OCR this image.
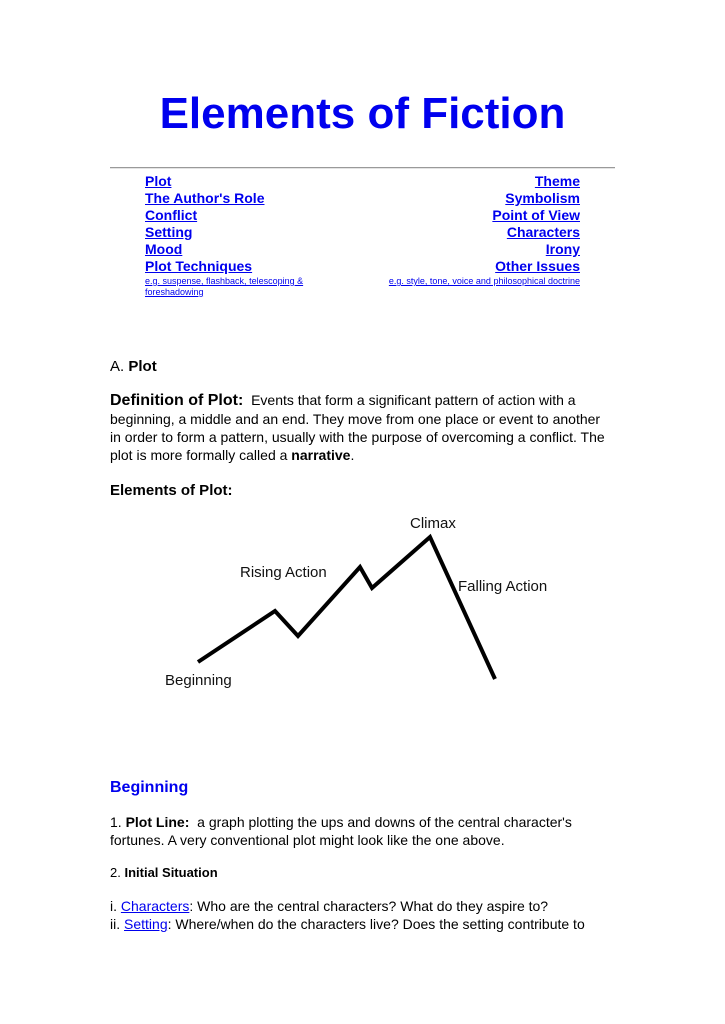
Elements of Fiction
Plot
The Author's Role
Conflict
Setting
Mood
Plot Techniques
e.g. suspense, flashback, telescoping & foreshadowing
Theme
Symbolism
Point of View
Characters
Irony
Other Issues
e.g. style, tone, voice and philosophical doctrine
A. Plot
Definition of Plot: Events that form a significant pattern of action with a beginning, a middle and an end. They move from one place or event to another in order to form a pattern, usually with the purpose of overcoming a conflict. The plot is more formally called a narrative.
Elements of Plot:
Climax
Rising Action
Falling Action
Beginning
Beginning
1. Plot Line: a graph plotting the ups and downs of the central character's fortunes. A very conventional plot might look like the one above.
2. Initial Situation
i. Characters: Who are the central characters? What do they aspire to?
ii. Setting: Where/when do the characters live? Does the setting contribute to
